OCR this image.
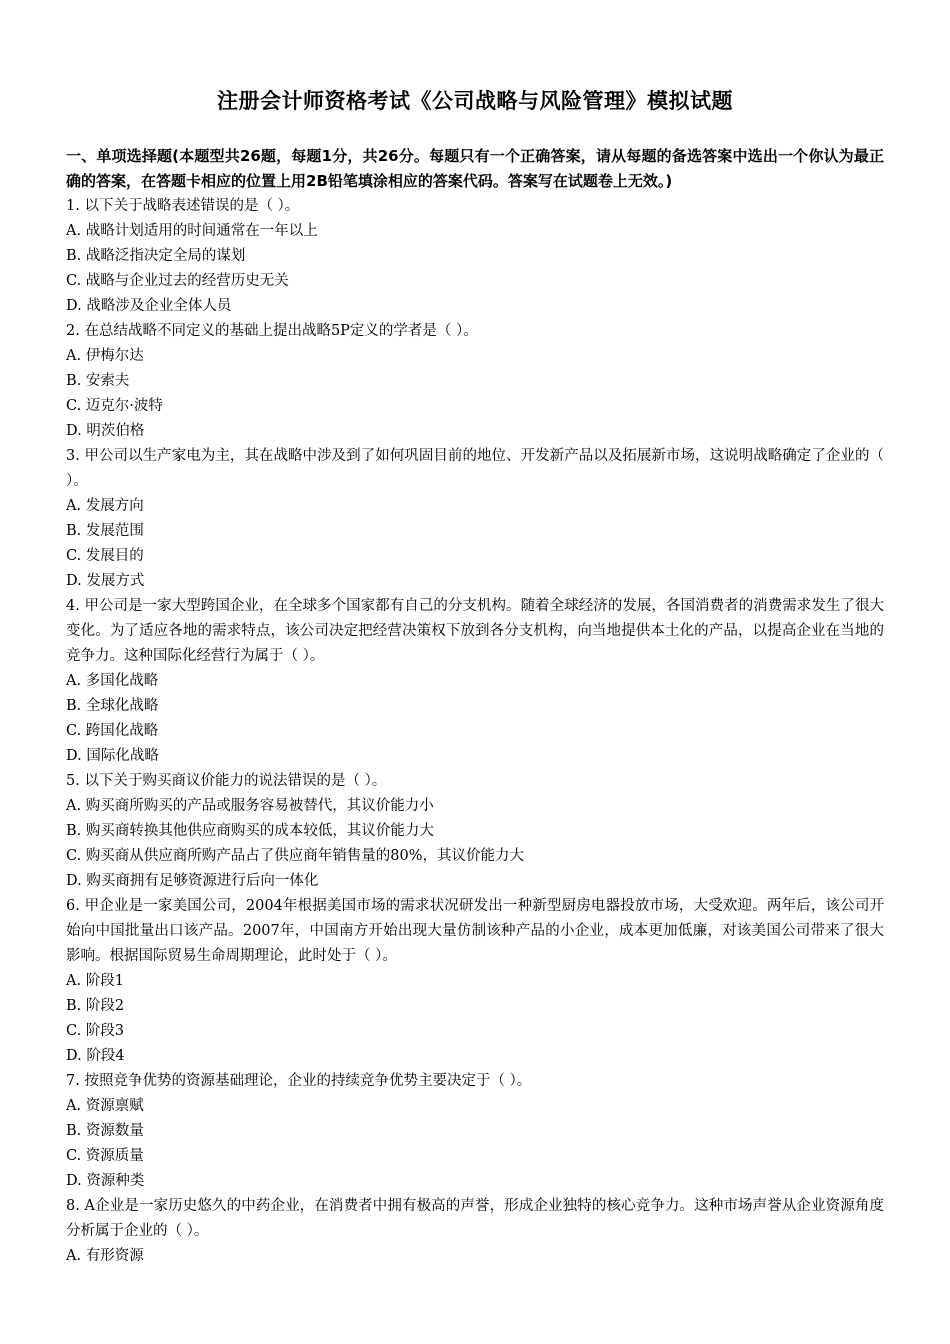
注册会计师资格考试《公司战略与风险管理》模拟试题

一、单项选择题(本题型共26题，每题1分，共26分。每题只有一个正确答案，请从每题的备选答案中选出一个你认为最正确的答案，在答题卡相应的位置上用2B铅笔填涂相应的答案代码。答案写在试题卷上无效。)

1. 以下关于战略表述错误的是（ ）。

A. 战略计划适用的时间通常在一年以上

B. 战略泛指决定全局的谋划

C. 战略与企业过去的经营历史无关

D. 战略涉及企业全体人员

2. 在总结战略不同定义的基础上提出战略5P定义的学者是（ ）。

A. 伊梅尔达

B. 安索夫

C. 迈克尔·波特

D. 明茨伯格

3. 甲公司以生产家电为主，其在战略中涉及到了如何巩固目前的地位、开发新产品以及拓展新市场，这说明战略确定了企业的（ ）。

A. 发展方向

B. 发展范围

C. 发展目的

D. 发展方式

4. 甲公司是一家大型跨国企业，在全球多个国家都有自己的分支机构。随着全球经济的发展，各国消费者的消费需求发生了很大变化。为了适应各地的需求特点，该公司决定把经营决策权下放到各分支机构，向当地提供本土化的产品，以提高企业在当地的竞争力。这种国际化经营行为属于（ ）。

A. 多国化战略

B. 全球化战略

C. 跨国化战略

D. 国际化战略

5. 以下关于购买商议价能力的说法错误的是（ ）。

A. 购买商所购买的产品或服务容易被替代，其议价能力小

B. 购买商转换其他供应商购买的成本较低，其议价能力大

C. 购买商从供应商所购产品占了供应商年销售量的80%，其议价能力大

D. 购买商拥有足够资源进行后向一体化

6. 甲企业是一家美国公司，2004年根据美国市场的需求状况研发出一种新型厨房电器投放市场，大受欢迎。两年后，该公司开始向中国批量出口该产品。2007年，中国南方开始出现大量仿制该种产品的小企业，成本更加低廉，对该美国公司带来了很大影响。根据国际贸易生命周期理论，此时处于（ ）。

A. 阶段1

B. 阶段2

C. 阶段3

D. 阶段4

7. 按照竞争优势的资源基础理论，企业的持续竞争优势主要决定于（ ）。

A. 资源禀赋

B. 资源数量

C. 资源质量

D. 资源种类

8. A企业是一家历史悠久的中药企业，在消费者中拥有极高的声誉，形成企业独特的核心竞争力。这种市场声誉从企业资源角度分析属于企业的（ ）。

A. 有形资源
